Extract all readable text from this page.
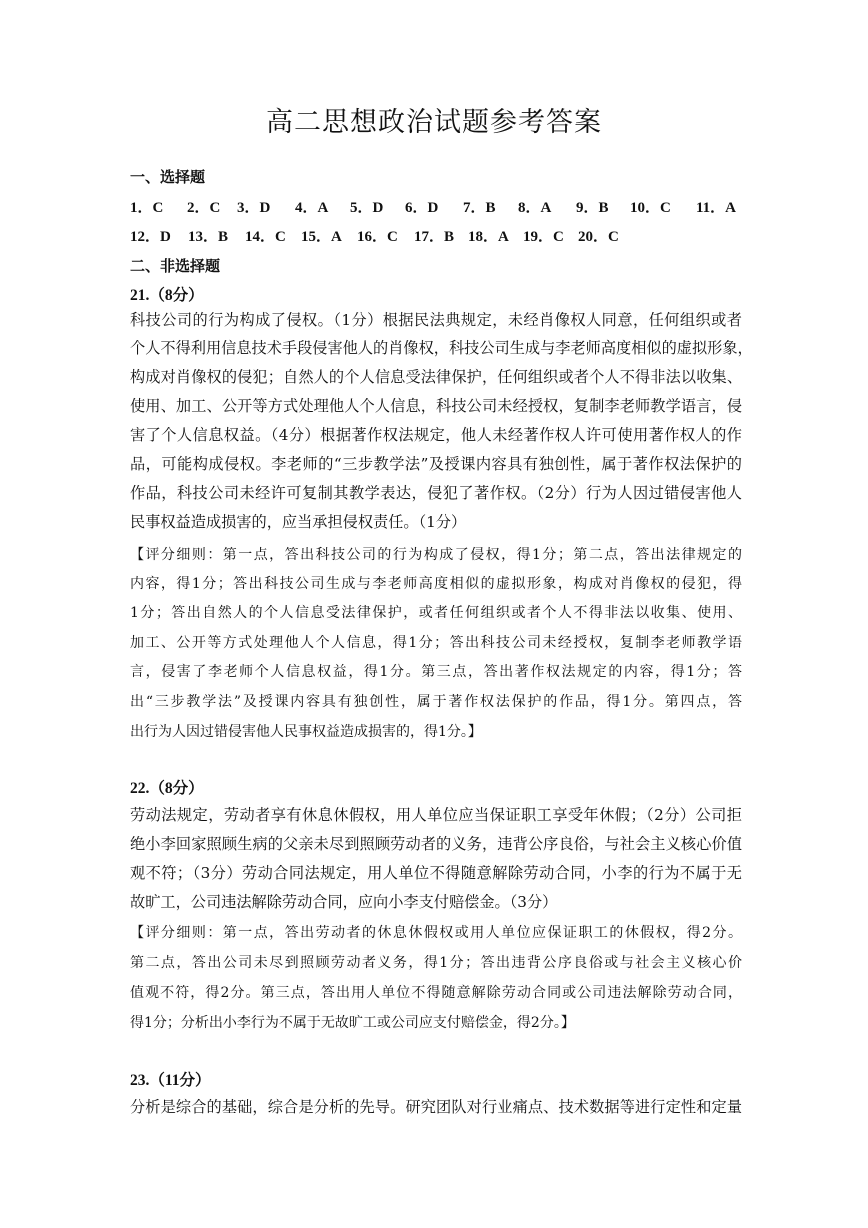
高二思想政治试题参考答案
一、选择题
1．C 2．C 3．D 4．A 5．D 6．D 7．B 8．A 9．B 10．C 11．A
12．D 13．B 14．C 15．A 16．C 17．B 18．A 19．C 20．C
二、非选择题
21.（8分）
科技公司的行为构成了侵权。（1分）根据民法典规定，未经肖像权人同意，任何组织或者
个人不得利用信息技术手段侵害他人的肖像权，科技公司生成与李老师高度相似的虚拟形象，
构成对肖像权的侵犯；自然人的个人信息受法律保护，任何组织或者个人不得非法以收集、
使用、加工、公开等方式处理他人个人信息，科技公司未经授权，复制李老师教学语言，侵
害了个人信息权益。（4分）根据著作权法规定，他人未经著作权人许可使用著作权人的作
品，可能构成侵权。李老师的“三步教学法”及授课内容具有独创性，属于著作权法保护的
作品，科技公司未经许可复制其教学表达，侵犯了著作权。（2分）行为人因过错侵害他人
民事权益造成损害的，应当承担侵权责任。（1分）
【评分细则：第一点，答出科技公司的行为构成了侵权，得1分；第二点，答出法律规定的
内容，得1分；答出科技公司生成与李老师高度相似的虚拟形象，构成对肖像权的侵犯，得
1分；答出自然人的个人信息受法律保护，或者任何组织或者个人不得非法以收集、使用、
加工、公开等方式处理他人个人信息，得1分；答出科技公司未经授权，复制李老师教学语
言，侵害了李老师个人信息权益，得1分。第三点，答出著作权法规定的内容，得1分；答
出“三步教学法”及授课内容具有独创性，属于著作权法保护的作品，得1分。第四点，答
出行为人因过错侵害他人民事权益造成损害的，得1分。】
22.（8分）
劳动法规定，劳动者享有休息休假权，用人单位应当保证职工享受年休假；（2分）公司拒
绝小李回家照顾生病的父亲未尽到照顾劳动者的义务，违背公序良俗，与社会主义核心价值
观不符；（3分）劳动合同法规定，用人单位不得随意解除劳动合同，小李的行为不属于无
故旷工，公司违法解除劳动合同，应向小李支付赔偿金。（3分）
【评分细则：第一点，答出劳动者的休息休假权或用人单位应保证职工的休假权，得2分。
第二点，答出公司未尽到照顾劳动者义务，得1分；答出违背公序良俗或与社会主义核心价
值观不符，得2分。第三点，答出用人单位不得随意解除劳动合同或公司违法解除劳动合同，
得1分；分析出小李行为不属于无故旷工或公司应支付赔偿金，得2分。】
23.（11分）
分析是综合的基础，综合是分析的先导。研究团队对行业痛点、技术数据等进行定性和定量
